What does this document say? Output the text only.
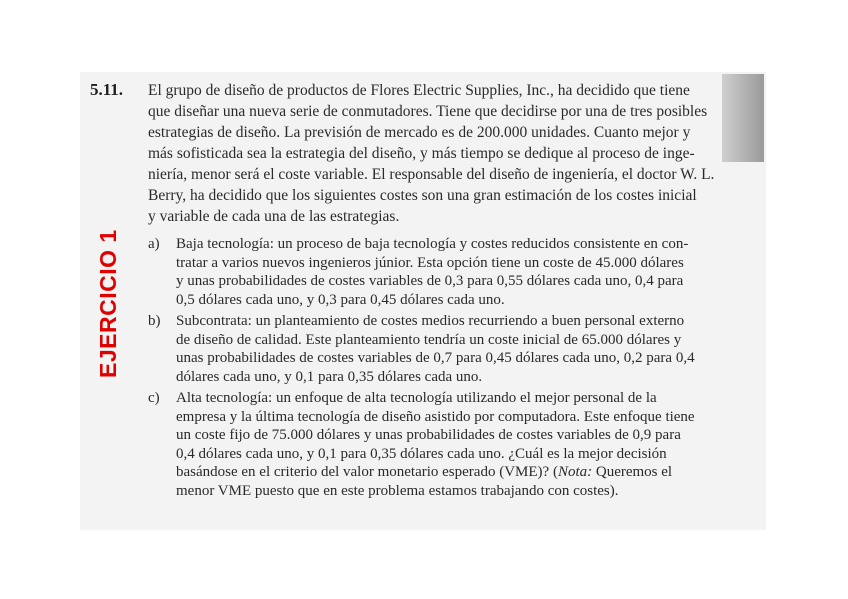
EJERCICIO 1
5.11. El grupo de diseño de productos de Flores Electric Supplies, Inc., ha decidido que tiene
que diseñar una nueva serie de conmutadores. Tiene que decidirse por una de tres posibles
estrategias de diseño. La previsión de mercado es de 200.000 unidades. Cuanto mejor y
más sofisticada sea la estrategia del diseño, y más tiempo se dedique al proceso de inge-
niería, menor será el coste variable. El responsable del diseño de ingeniería, el doctor W. L.
Berry, ha decidido que los siguientes costes son una gran estimación de los costes inicial
y variable de cada una de las estrategias.
a) Baja tecnología: un proceso de baja tecnología y costes reducidos consistente en con-
tratar a varios nuevos ingenieros júnior. Esta opción tiene un coste de 45.000 dólares
y unas probabilidades de costes variables de 0,3 para 0,55 dólares cada uno, 0,4 para
0,5 dólares cada uno, y 0,3 para 0,45 dólares cada uno.
b) Subcontrata: un planteamiento de costes medios recurriendo a buen personal externo
de diseño de calidad. Este planteamiento tendría un coste inicial de 65.000 dólares y
unas probabilidades de costes variables de 0,7 para 0,45 dólares cada uno, 0,2 para 0,4
dólares cada uno, y 0,1 para 0,35 dólares cada uno.
c) Alta tecnología: un enfoque de alta tecnología utilizando el mejor personal de la
empresa y la última tecnología de diseño asistido por computadora. Este enfoque tiene
un coste fijo de 75.000 dólares y unas probabilidades de costes variables de 0,9 para
0,4 dólares cada uno, y 0,1 para 0,35 dólares cada uno. ¿Cuál es la mejor decisión
basándose en el criterio del valor monetario esperado (VME)? (Nota: Queremos el
menor VME puesto que en este problema estamos trabajando con costes).
